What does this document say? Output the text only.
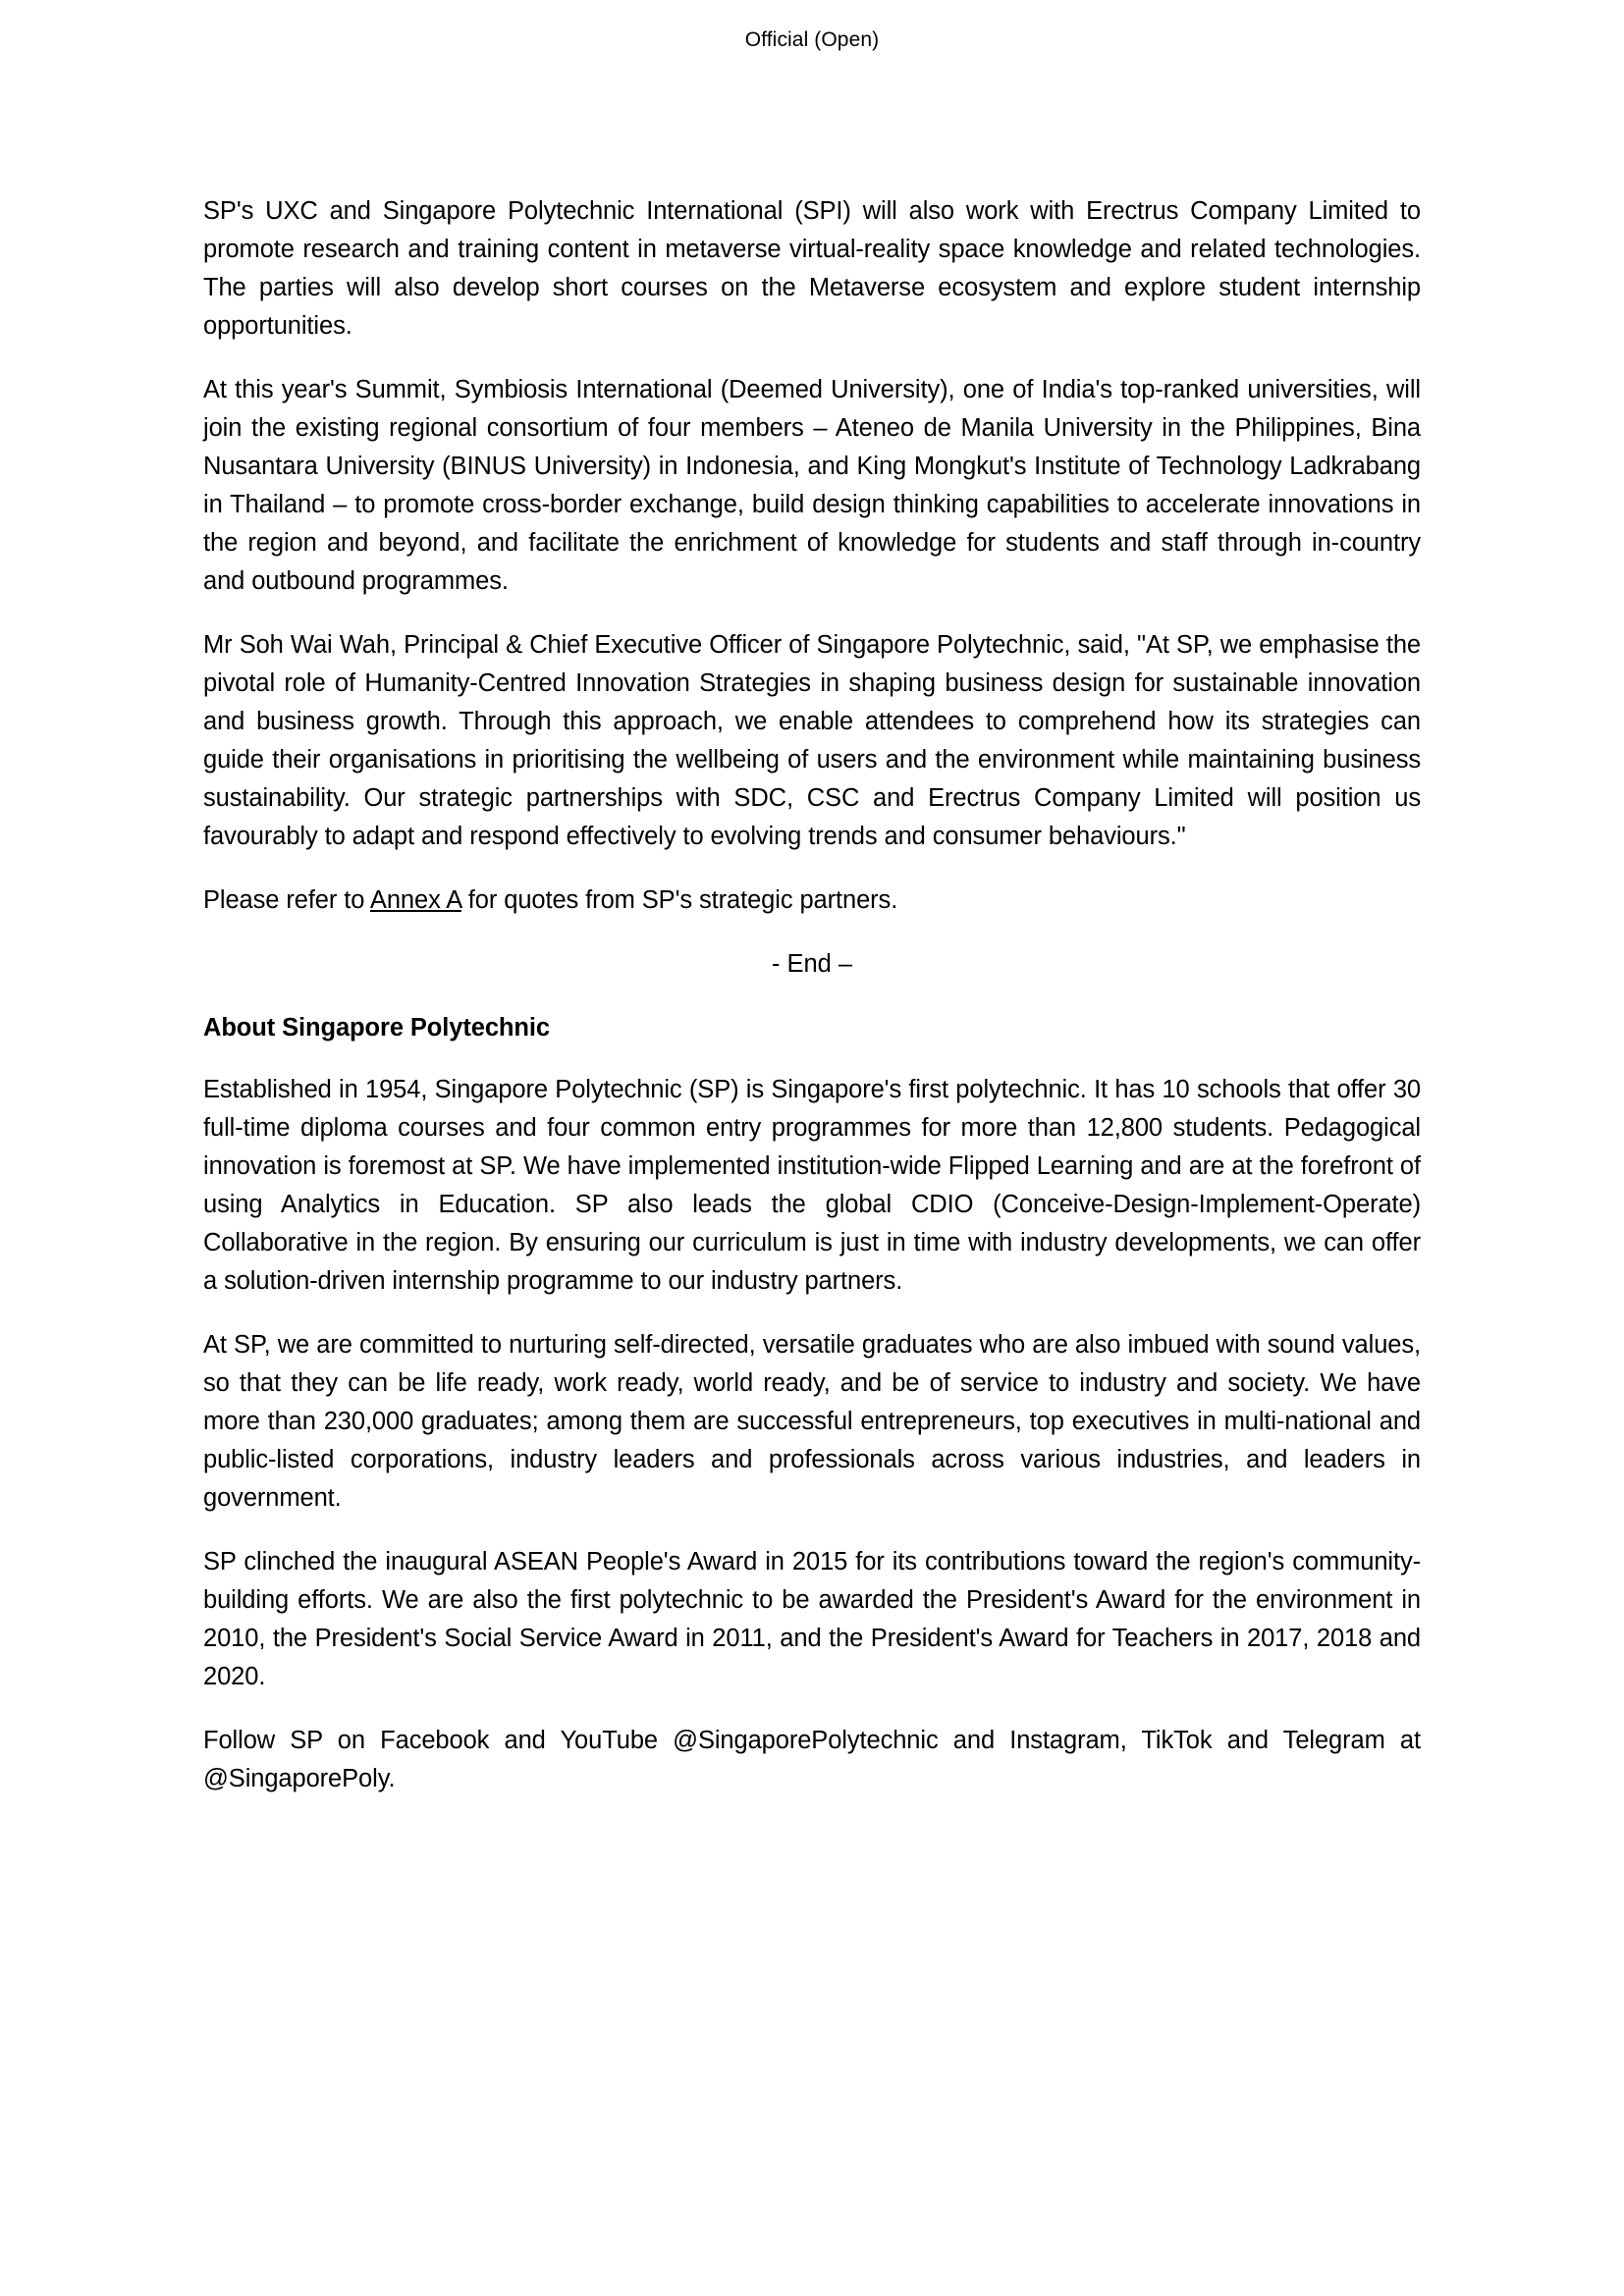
Official (Open)

SP's UXC and Singapore Polytechnic International (SPI) will also work with Erectrus Company Limited to promote research and training content in metaverse virtual-reality space knowledge and related technologies. The parties will also develop short courses on the Metaverse ecosystem and explore student internship opportunities.

At this year's Summit, Symbiosis International (Deemed University), one of India's top-ranked universities, will join the existing regional consortium of four members – Ateneo de Manila University in the Philippines, Bina Nusantara University (BINUS University) in Indonesia, and King Mongkut's Institute of Technology Ladkrabang in Thailand – to promote cross-border exchange, build design thinking capabilities to accelerate innovations in the region and beyond, and facilitate the enrichment of knowledge for students and staff through in-country and outbound programmes.

Mr Soh Wai Wah, Principal & Chief Executive Officer of Singapore Polytechnic, said, "At SP, we emphasise the pivotal role of Humanity-Centred Innovation Strategies in shaping business design for sustainable innovation and business growth. Through this approach, we enable attendees to comprehend how its strategies can guide their organisations in prioritising the wellbeing of users and the environment while maintaining business sustainability. Our strategic partnerships with SDC, CSC and Erectrus Company Limited will position us favourably to adapt and respond effectively to evolving trends and consumer behaviours."

Please refer to Annex A for quotes from SP's strategic partners.

- End –

About Singapore Polytechnic

Established in 1954, Singapore Polytechnic (SP) is Singapore's first polytechnic. It has 10 schools that offer 30 full-time diploma courses and four common entry programmes for more than 12,800 students. Pedagogical innovation is foremost at SP. We have implemented institution-wide Flipped Learning and are at the forefront of using Analytics in Education. SP also leads the global CDIO (Conceive-Design-Implement-Operate) Collaborative in the region. By ensuring our curriculum is just in time with industry developments, we can offer a solution-driven internship programme to our industry partners.

At SP, we are committed to nurturing self-directed, versatile graduates who are also imbued with sound values, so that they can be life ready, work ready, world ready, and be of service to industry and society. We have more than 230,000 graduates; among them are successful entrepreneurs, top executives in multi-national and public-listed corporations, industry leaders and professionals across various industries, and leaders in government.

SP clinched the inaugural ASEAN People's Award in 2015 for its contributions toward the region's community-building efforts. We are also the first polytechnic to be awarded the President's Award for the environment in 2010, the President's Social Service Award in 2011, and the President's Award for Teachers in 2017, 2018 and 2020.

Follow SP on Facebook and YouTube @SingaporePolytechnic and Instagram, TikTok and Telegram at @SingaporePoly.
